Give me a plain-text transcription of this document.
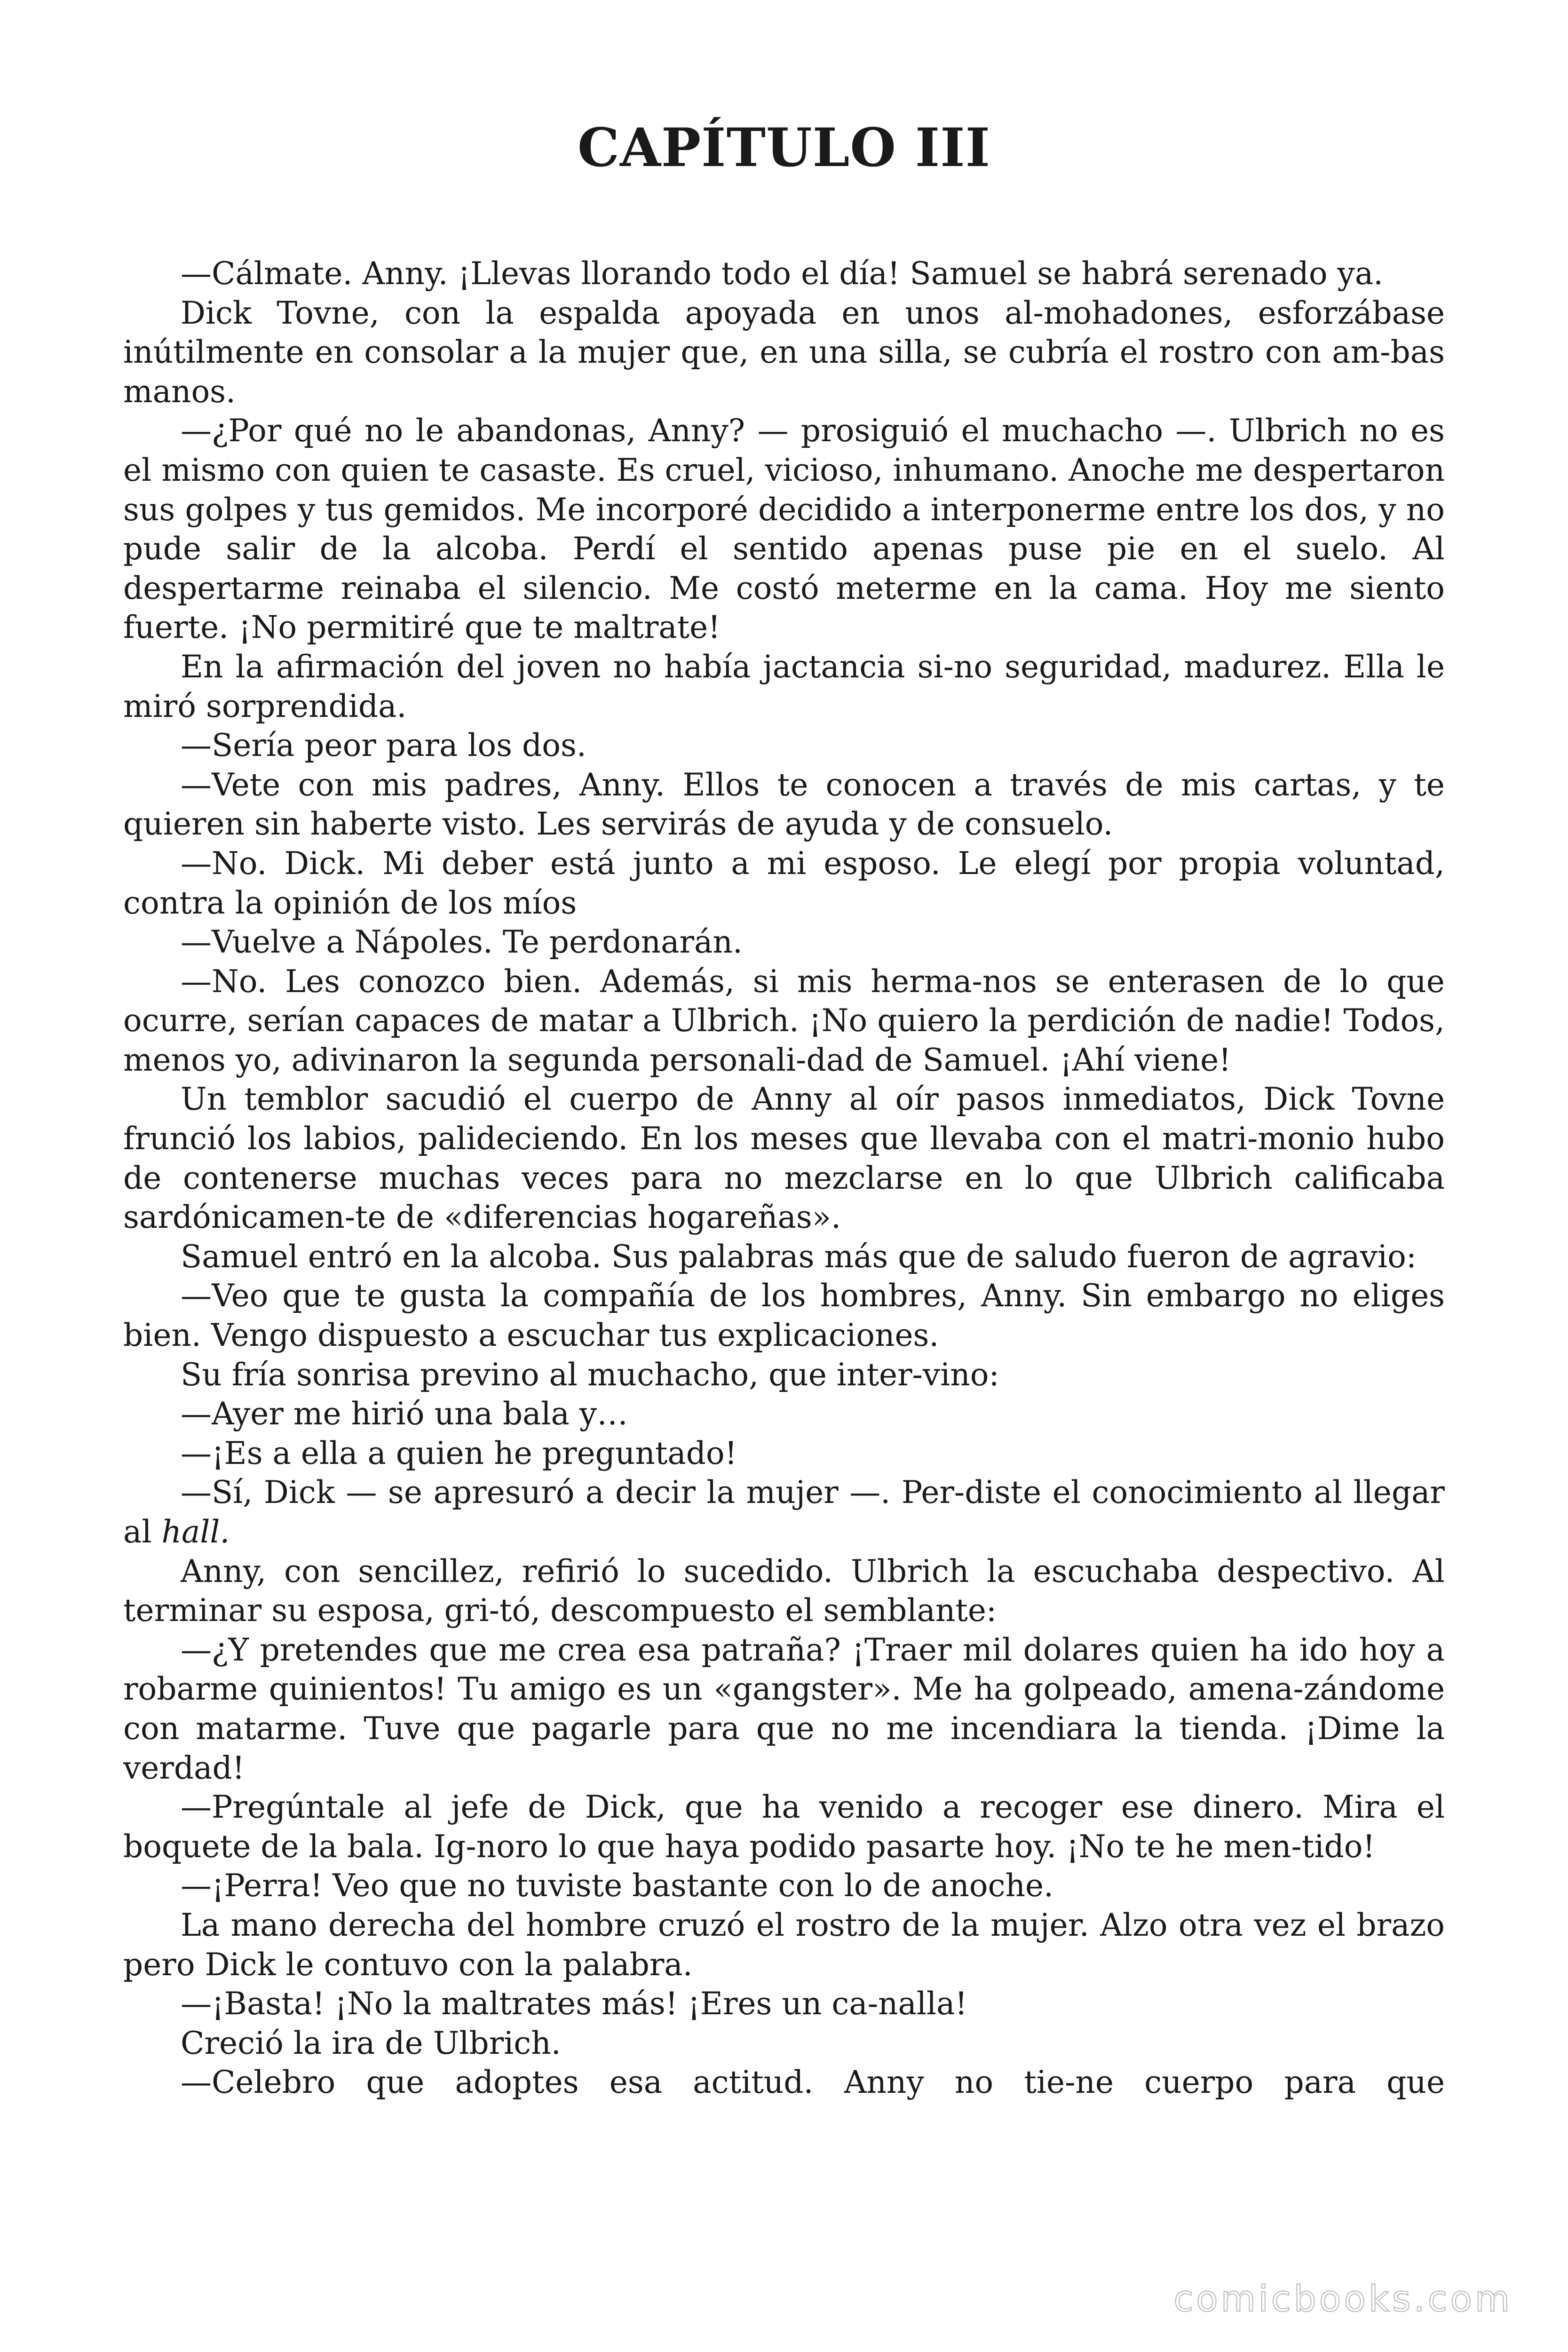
CAPÍTULO III

—Cálmate. Anny. ¡Llevas llorando todo el día! Samuel se habrá serenado ya.

Dick Tovne, con la espalda apoyada en unos al-mohadones, esforzábase inútilmente en consolar a la mujer que, en una silla, se cubría el rostro con am-bas manos.

—¿Por qué no le abandonas, Anny? — prosiguió el muchacho —. Ulbrich no es el mismo con quien te casaste. Es cruel, vicioso, inhumano. Anoche me despertaron sus golpes y tus gemidos. Me incorporé decidido a interponerme entre los dos, y no pude salir de la alcoba. Perdí el sentido apenas puse pie en el suelo. Al despertarme reinaba el silencio. Me costó meterme en la cama. Hoy me siento fuerte. ¡No permitiré que te maltrate!

En la afirmación del joven no había jactancia si-no seguridad, madurez. Ella le miró sorprendida.

—Sería peor para los dos.

—Vete con mis padres, Anny. Ellos te conocen a través de mis cartas, y te quieren sin haberte visto. Les servirás de ayuda y de consuelo.

—No. Dick. Mi deber está junto a mi esposo. Le elegí por propia voluntad, contra la opinión de los míos

—Vuelve a Nápoles. Te perdonarán.

—No. Les conozco bien. Además, si mis herma-nos se enterasen de lo que ocurre, serían capaces de matar a Ulbrich. ¡No quiero la perdición de nadie! Todos, menos yo, adivinaron la segunda personali-dad de Samuel. ¡Ahí viene!

Un temblor sacudió el cuerpo de Anny al oír pasos inmediatos, Dick Tovne frunció los labios, palideciendo. En los meses que llevaba con el matri-monio hubo de contenerse muchas veces para no mezclarse en lo que Ulbrich calificaba sardónicamen-te de «diferencias hogareñas».

Samuel entró en la alcoba. Sus palabras más que de saludo fueron de agravio:

—Veo que te gusta la compañía de los hombres, Anny. Sin embargo no eliges bien. Vengo dispuesto a escuchar tus explicaciones.

Su fría sonrisa previno al muchacho, que inter-vino:

—Ayer me hirió una bala y…

—¡Es a ella a quien he preguntado!

—Sí, Dick — se apresuró a decir la mujer —. Per-diste el conocimiento al llegar al hall.

Anny, con sencillez, refirió lo sucedido. Ulbrich la escuchaba despectivo. Al terminar su esposa, gri-tó, descompuesto el semblante:

—¿Y pretendes que me crea esa patraña? ¡Traer mil dolares quien ha ido hoy a robarme quinientos! Tu amigo es un «gangster». Me ha golpeado, amena-zándome con matarme. Tuve que pagarle para que no me incendiara la tienda. ¡Dime la verdad!

—Pregúntale al jefe de Dick, que ha venido a recoger ese dinero. Mira el boquete de la bala. Ig-noro lo que haya podido pasarte hoy. ¡No te he men-tido!

—¡Perra! Veo que no tuviste bastante con lo de anoche.

La mano derecha del hombre cruzó el rostro de la mujer. Alzo otra vez el brazo pero Dick le contuvo con la palabra.

—¡Basta! ¡No la maltrates más! ¡Eres un ca-nalla!

Creció la ira de Ulbrich.

—Celebro que adoptes esa actitud. Anny no tie-ne cuerpo para que

comicbooks.com
